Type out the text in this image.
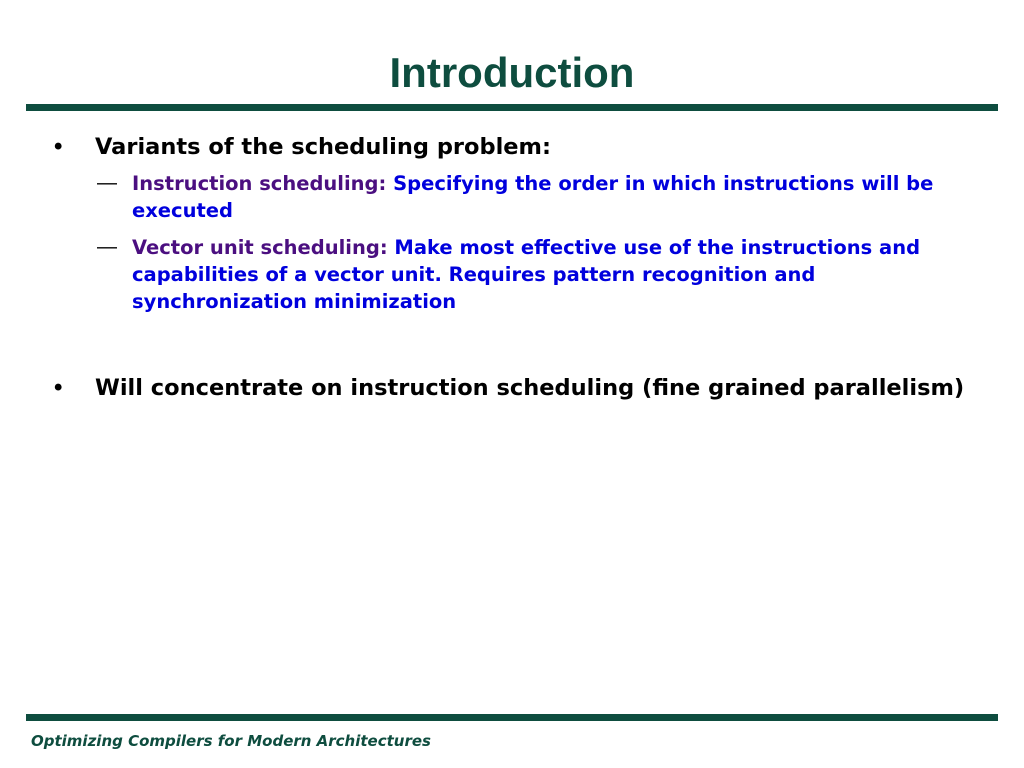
Introduction
• Variants of the scheduling problem:
— Instruction scheduling: Specifying the order in which instructions will be executed
— Vector unit scheduling: Make most effective use of the instructions and capabilities of a vector unit. Requires pattern recognition and synchronization minimization
• Will concentrate on instruction scheduling (fine grained parallelism)
Optimizing Compilers for Modern Architectures
